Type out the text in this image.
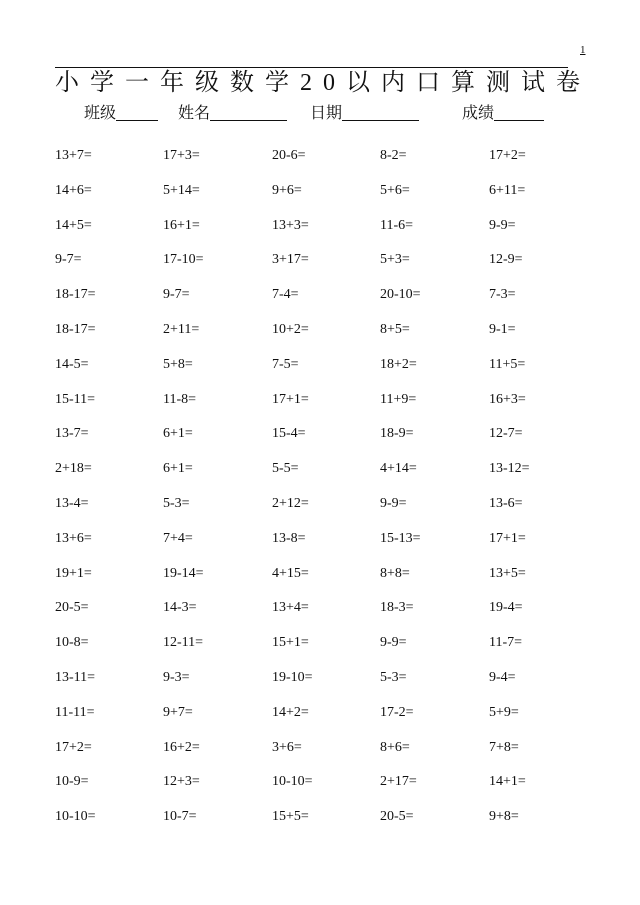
1
小学一年级数学20以内口算测试卷
班级	姓名	日期	成绩
13+7=	17+3=	20-6=	8-2=	17+2=
14+6=	5+14=	9+6=	5+6=	6+11=
14+5=	16+1=	13+3=	11-6=	9-9=
9-7=	17-10=	3+17=	5+3=	12-9=
18-17=	9-7=	7-4=	20-10=	7-3=
18-17=	2+11=	10+2=	8+5=	9-1=
14-5=	5+8=	7-5=	18+2=	11+5=
15-11=	11-8=	17+1=	11+9=	16+3=
13-7=	6+1=	15-4=	18-9=	12-7=
2+18=	6+1=	5-5=	4+14=	13-12=
13-4=	5-3=	2+12=	9-9=	13-6=
13+6=	7+4=	13-8=	15-13=	17+1=
19+1=	19-14=	4+15=	8+8=	13+5=
20-5=	14-3=	13+4=	18-3=	19-4=
10-8=	12-11=	15+1=	9-9=	11-7=
13-11=	9-3=	19-10=	5-3=	9-4=
11-11=	9+7=	14+2=	17-2=	5+9=
17+2=	16+2=	3+6=	8+6=	7+8=
10-9=	12+3=	10-10=	2+17=	14+1=
10-10=	10-7=	15+5=	20-5=	9+8=
